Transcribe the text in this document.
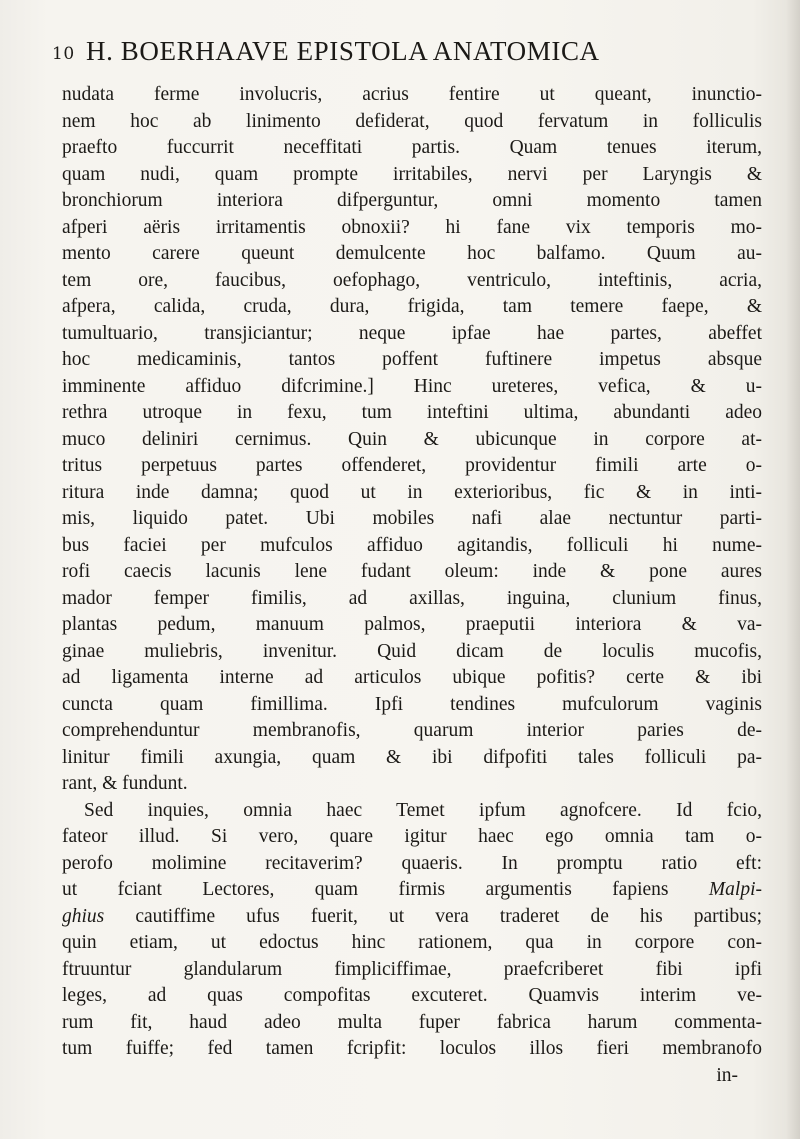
10 H. BOERHAAVE EPISTOLA ANATOMICA
nudata ferme involucris, acrius fentire ut queant, inunctio-
nem hoc ab linimento defiderat, quod fervatum in folliculis
praefto fuccurrit neceffitati partis. Quam tenues iterum,
quam nudi, quam prompte irritabiles, nervi per Laryngis &
bronchiorum interiora difperguntur, omni momento tamen
afperi aëris irritamentis obnoxii? hi fane vix temporis mo-
mento carere queunt demulcente hoc balfamo. Quum au-
tem ore, faucibus, oefophago, ventriculo, inteftinis, acria,
afpera, calida, cruda, dura, frigida, tam temere faepe, &
tumultuario, transjiciantur; neque ipfae hae partes, abeffet
hoc medicaminis, tantos poffent fuftinere impetus absque
imminente affiduo difcrimine.] Hinc ureteres, vefica, & u-
rethra utroque in fexu, tum inteftini ultima, abundanti adeo
muco deliniri cernimus. Quin & ubicunque in corpore at-
tritus perpetuus partes offenderet, providentur fimili arte o-
ritura inde damna; quod ut in exterioribus, fic & in inti-
mis, liquido patet. Ubi mobiles nafi alae nectuntur parti-
bus faciei per mufculos affiduo agitandis, folliculi hi nume-
rofi caecis lacunis lene fudant oleum: inde & pone aures
mador femper fimilis, ad axillas, inguina, clunium finus,
plantas pedum, manuum palmos, praeputii interiora & va-
ginae muliebris, invenitur. Quid dicam de loculis mucofis,
ad ligamenta interne ad articulos ubique pofitis? certe & ibi
cuncta quam fimillima. Ipfi tendines mufculorum vaginis
comprehenduntur membranofis, quarum interior paries de-
linitur fimili axungia, quam & ibi difpofiti tales folliculi pa-
rant, & fundunt.
Sed inquies, omnia haec Temet ipfum agnofcere. Id fcio,
fateor illud. Si vero, quare igitur haec ego omnia tam o-
perofo molimine recitaverim? quaeris. In promptu ratio eft:
ut fciant Lectores, quam firmis argumentis fapiens Malpi-
ghius cautiffime ufus fuerit, ut vera traderet de his partibus;
quin etiam, ut edoctus hinc rationem, qua in corpore con-
ftruuntur glandularum fimpliciffimae, praefcriberet fibi ipfi
leges, ad quas compofitas excuteret. Quamvis interim ve-
rum fit, haud adeo multa fuper fabrica harum commenta-
tum fuiffe; fed tamen fcripfit: loculos illos fieri membranofo
in-
